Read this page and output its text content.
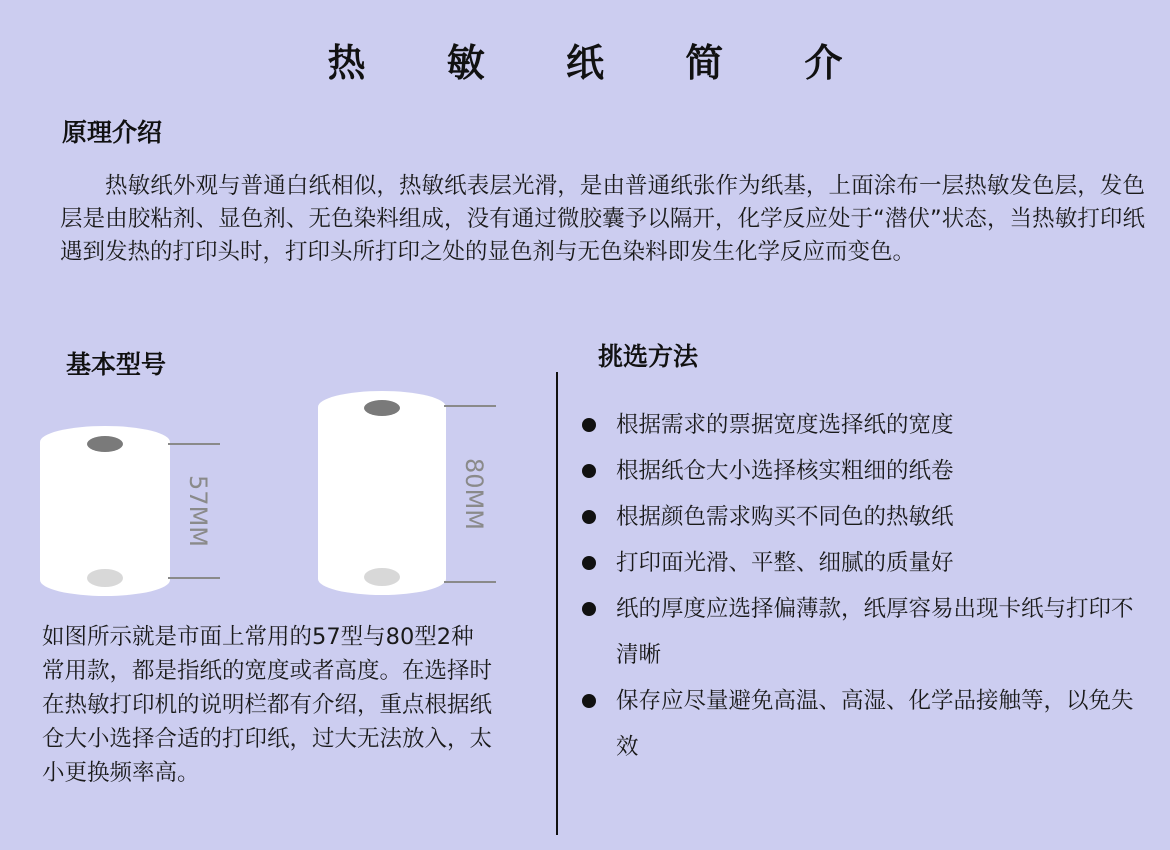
热 敏 纸 简 介
原理介绍
热敏纸外观与普通白纸相似，热敏纸表层光滑，是由普通纸张作为纸基，上面涂布一层热敏发色层，发色层是由胶粘剂、显色剂、无色染料组成，没有通过微胶囊予以隔开，化学反应处于“潜伏”状态，当热敏打印纸遇到发热的打印头时，打印头所打印之处的显色剂与无色染料即发生化学反应而变色。
基本型号	挑选方法
57MM	80MM
如图所示就是市面上常用的57型与80型2种常用款，都是指纸的宽度或者高度。在选择时在热敏打印机的说明栏都有介绍，重点根据纸仓大小选择合适的打印纸，过大无法放入，太小更换频率高。
根据需求的票据宽度选择纸的宽度
根据纸仓大小选择核实粗细的纸卷
根据颜色需求购买不同色的热敏纸
打印面光滑、平整、细腻的质量好
纸的厚度应选择偏薄款，纸厚容易出现卡纸与打印不清晰
保存应尽量避免高温、高湿、化学品接触等，以免失效
